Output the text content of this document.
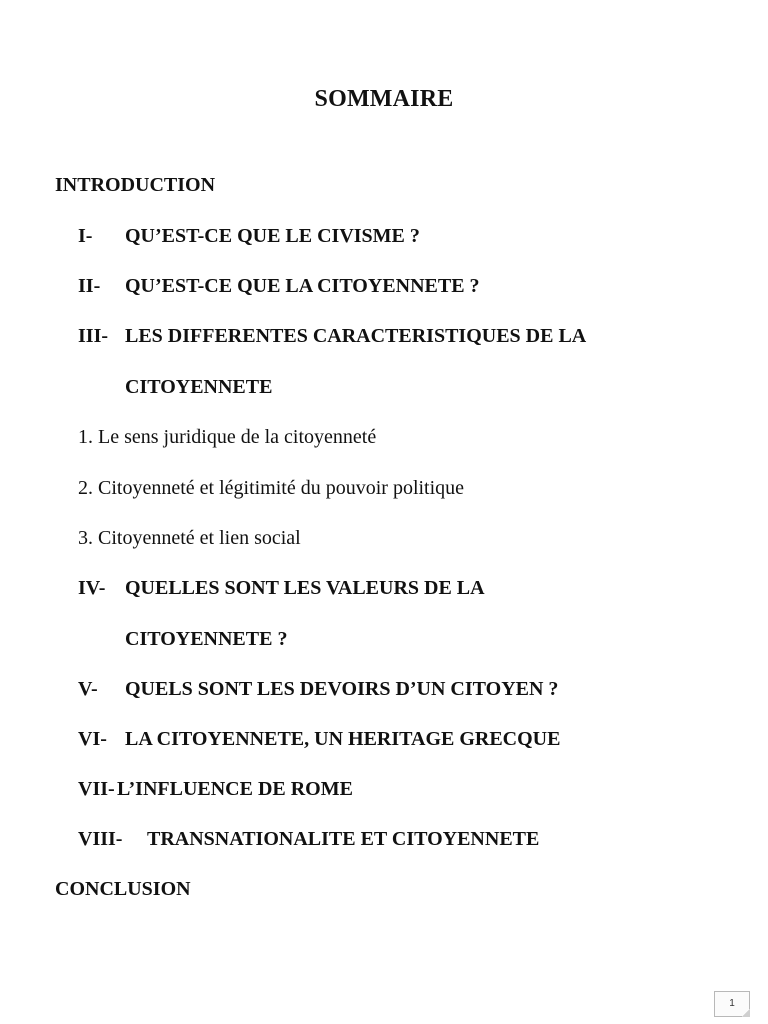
SOMMAIRE
INTRODUCTION
I- QU’EST-CE QUE LE CIVISME ?
II- QU’EST-CE QUE LA CITOYENNETE ?
III- LES DIFFERENTES CARACTERISTIQUES DE LA
CITOYENNETE
1. Le sens juridique de la citoyenneté
2. Citoyenneté et légitimité du pouvoir politique
3. Citoyenneté et lien social
IV- QUELLES SONT LES VALEURS DE LA
CITOYENNETE ?
V- QUELS SONT LES DEVOIRS D’UN CITOYEN ?
VI- LA CITOYENNETE, UN HERITAGE GRECQUE
VII- L’INFLUENCE DE ROME
VIII- TRANSNATIONALITE ET CITOYENNETE
CONCLUSION
1
